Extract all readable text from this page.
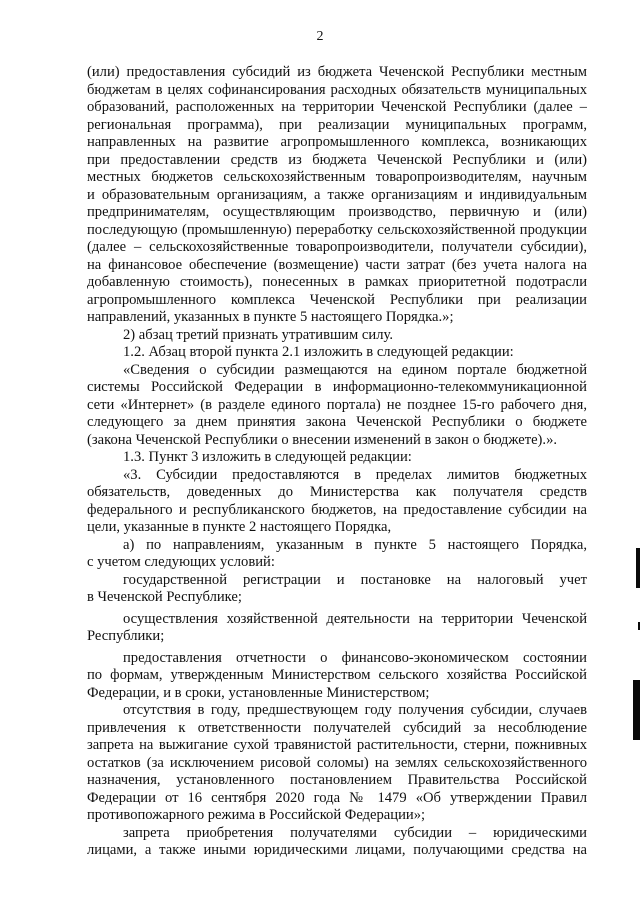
2
(или) предоставления субсидий из бюджета Чеченской Республики местным
бюджетам в целях софинансирования расходных обязательств муниципальных
образований, расположенных на территории Чеченской Республики (далее –
региональная программа), при реализации муниципальных программ,
направленных на развитие агропромышленного комплекса, возникающих
при предоставлении средств из бюджета Чеченской Республики и (или)
местных бюджетов сельскохозяйственным товаропроизводителям, научным
и образовательным организациям, а также организациям и индивидуальным
предпринимателям, осуществляющим производство, первичную и (или)
последующую (промышленную) переработку сельскохозяйственной продукции
(далее – сельскохозяйственные товаропроизводители, получатели субсидии),
на финансовое обеспечение (возмещение) части затрат (без учета налога на
добавленную стоимость), понесенных в рамках приоритетной подотрасли
агропромышленного комплекса Чеченской Республики при реализации
направлений, указанных в пункте 5 настоящего Порядка.»;
2) абзац третий признать утратившим силу.
1.2. Абзац второй пункта 2.1 изложить в следующей редакции:
«Сведения о субсидии размещаются на едином портале бюджетной
системы Российской Федерации в информационно-телекоммуникационной
сети «Интернет» (в разделе единого портала) не позднее 15-го рабочего дня,
следующего за днем принятия закона Чеченской Республики о бюджете
(закона Чеченской Республики о внесении изменений в закон о бюджете).».
1.3. Пункт 3 изложить в следующей редакции:
«3. Субсидии предоставляются в пределах лимитов бюджетных
обязательств, доведенных до Министерства как получателя средств
федерального и республиканского бюджетов, на предоставление субсидии на
цели, указанные в пункте 2 настоящего Порядка,
а) по направлениям, указанным в пункте 5 настоящего Порядка,
с учетом следующих условий:
государственной регистрации и постановке на налоговый учет
в Чеченской Республике;
осуществления хозяйственной деятельности на территории Чеченской
Республики;
предоставления отчетности о финансово-экономическом состоянии
по формам, утвержденным Министерством сельского хозяйства Российской
Федерации, и в сроки, установленные Министерством;
отсутствия в году, предшествующем году получения субсидии, случаев
привлечения к ответственности получателей субсидий за несоблюдение
запрета на выжигание сухой травянистой растительности, стерни, пожнивных
остатков (за исключением рисовой соломы) на землях сельскохозяйственного
назначения, установленного постановлением Правительства Российской
Федерации от 16 сентября 2020 года № 1479 «Об утверждении Правил
противопожарного режима в Российской Федерации»;
запрета приобретения получателями субсидии – юридическими
лицами, а также иными юридическими лицами, получающими средства на
